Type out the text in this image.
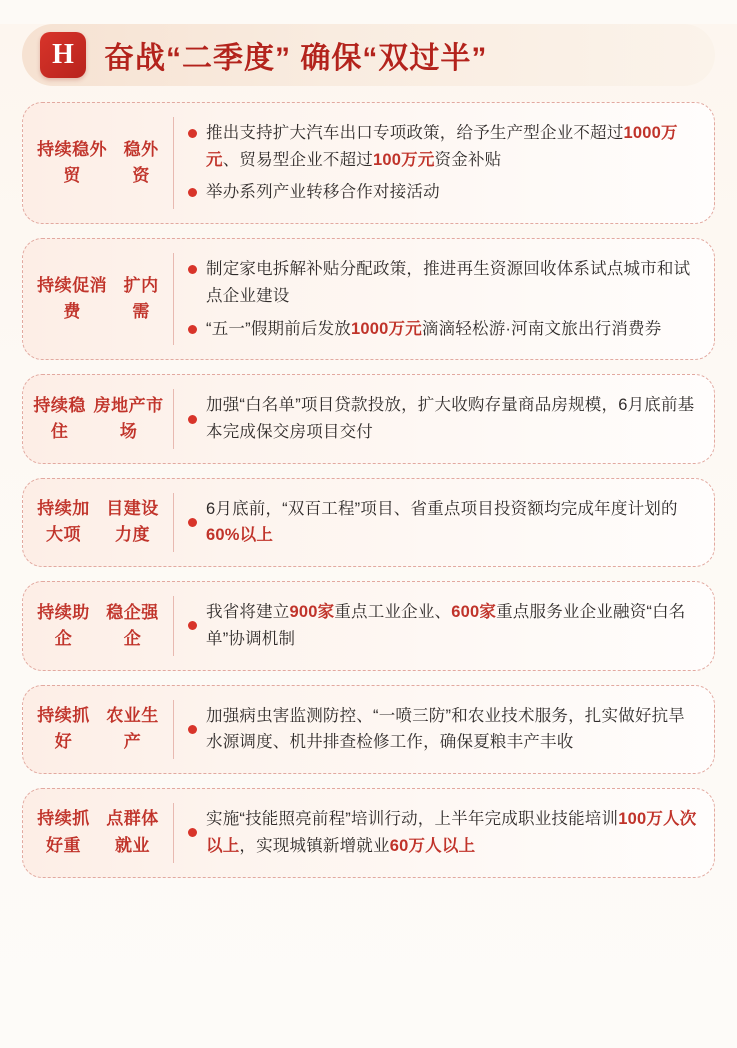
H	奋战“二季度” 确保“双过半”
持续稳外贸

稳外资
推出支持扩大汽车出口专项政策，给予生产型企业不超过1000万元、贸易型企业不超过100万元资金补贴
举办系列产业转移合作对接活动
持续促消费

扩内需
制定家电拆解补贴分配政策，推进再生资源回收体系试点城市和试点企业建设
“五一”假期前后发放1000万元滴滴轻松游·河南文旅出行消费券
持续稳住

房地产市场
加强“白名单”项目贷款投放，扩大收购存量商品房规模，6月底前基本完成保交房项目交付
持续加大项

目建设力度
6月底前，“双百工程”项目、省重点项目投资额均完成年度计划的60%以上
持续助企

稳企强企
我省将建立900家重点工业企业、600家重点服务业企业融资“白名单”协调机制
持续抓好

农业生产
加强病虫害监测防控、“一喷三防”和农业技术服务，扎实做好抗旱水源调度、机井排查检修工作，确保夏粮丰产丰收
持续抓好重

点群体就业
实施“技能照亮前程”培训行动，上半年完成职业技能培训100万人次以上，实现城镇新增就业60万人以上
